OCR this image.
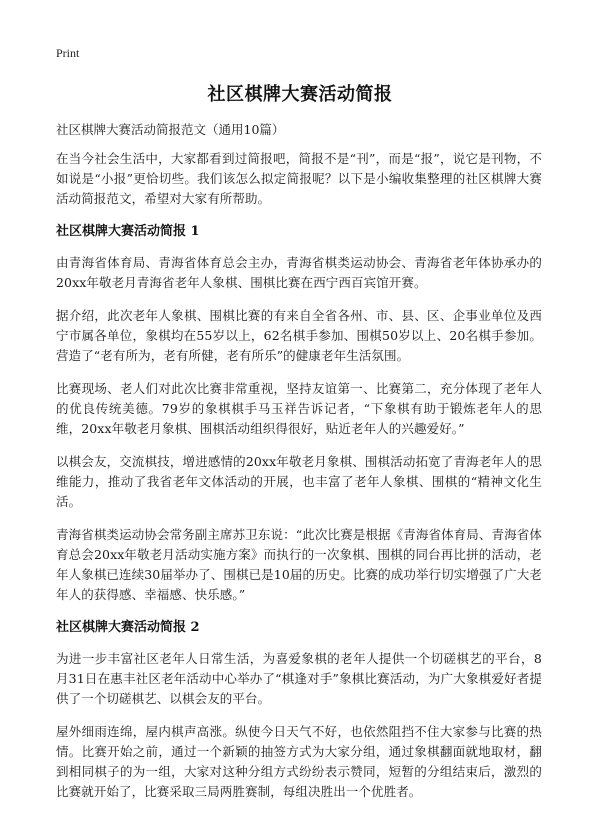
Print
社区棋牌大赛活动简报
社区棋牌大赛活动简报范文（通用10篇）

在当今社会生活中，大家都看到过简报吧，简报不是“刊”，而是“报”，说它是刊物，不如说是“小报”更恰切些。我们该怎么拟定简报呢？以下是小编收集整理的社区棋牌大赛活动简报范文，希望对大家有所帮助。

社区棋牌大赛活动简报 1

由青海省体育局、青海省体育总会主办，青海省棋类运动协会、青海省老年体协承办的20xx年敬老月青海省老年人象棋、围棋比赛在西宁西百宾馆开赛。

据介绍，此次老年人象棋、围棋比赛的有来自全省各州、市、县、区、企事业单位及西宁市属各单位，象棋均在55岁以上，62名棋手参加、围棋50岁以上、20名棋手参加。营造了“老有所为，老有所健，老有所乐”的健康老年生活氛围。

比赛现场、老人们对此次比赛非常重视，坚持友谊第一、比赛第二，充分体现了老年人的优良传统美德。79岁的象棋棋手马玉祥告诉记者，“下象棋有助于锻炼老年人的思维，20xx年敬老月象棋、围棋活动组织得很好，贴近老年人的兴趣爱好。”

以棋会友，交流棋技，增进感情的20xx年敬老月象棋、围棋活动拓宽了青海老年人的思维能力，推动了我省老年文体活动的开展，也丰富了老年人象棋、围棋的“精神文化生活。

青海省棋类运动协会常务副主席苏卫东说：“此次比赛是根据《青海省体育局、青海省体育总会20xx年敬老月活动实施方案》而执行的一次象棋、围棋的同台再比拼的活动，老年人象棋已连续30届举办了、围棋已是10届的历史。比赛的成功举行切实增强了广大老年人的获得感、幸福感、快乐感。”

社区棋牌大赛活动简报 2

为进一步丰富社区老年人日常生活，为喜爱象棋的老年人提供一个切磋棋艺的平台，8月31日在惠丰社区老年活动中心举办了“棋逢对手”象棋比赛活动，为广大象棋爱好者提供了一个切磋棋艺、以棋会友的平台。

屋外细雨连绵，屋内棋声高涨。纵使今日天气不好，也依然阻挡不住大家参与比赛的热情。比赛开始之前，通过一个新颖的抽签方式为大家分组，通过象棋翻面就地取材，翻到相同棋子的为一组，大家对这种分组方式纷纷表示赞同，短暂的分组结束后，激烈的比赛就开始了，比赛采取三局两胜赛制，每组决胜出一个优胜者。
